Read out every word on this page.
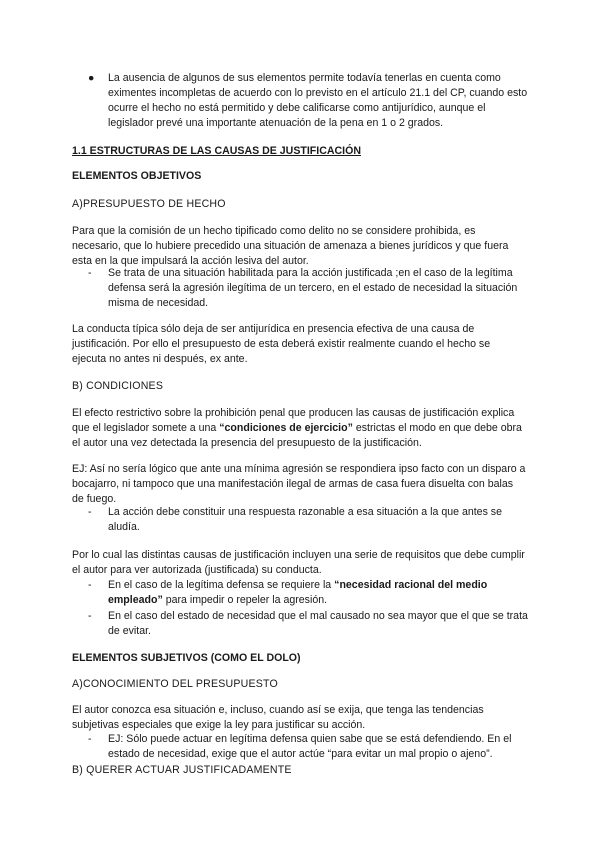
●	La ausencia de algunos de sus elementos permite todavía tenerlas en cuenta como eximentes incompletas de acuerdo con lo previsto en el artículo 21.1 del CP, cuando esto ocurre el hecho no está permitido y debe calificarse como antijurídico, aunque el legislador prevé una importante atenuación de la pena en 1 o 2 grados.
1.1 ESTRUCTURAS DE LAS CAUSAS DE JUSTIFICACIÓN
ELEMENTOS OBJETIVOS
A)PRESUPUESTO DE HECHO
Para que la comisión de un hecho tipificado como delito no se considere prohibida, es necesario, que lo hubiere precedido una situación de amenaza a bienes jurídicos y que fuera esta en la que impulsará la acción lesiva del autor.
-	Se trata de una situación habilitada para la acción justificada ;en el caso de la legítima defensa será la agresión ilegítima de un tercero, en el estado de necesidad la situación misma de necesidad.
La conducta típica sólo deja de ser antijurídica en presencia efectiva de una causa de justificación. Por ello el presupuesto de esta deberá existir realmente cuando el hecho se ejecuta no antes ni después, ex ante.
B) CONDICIONES
El efecto restrictivo sobre la prohibición penal que producen las causas de justificación explica que el legislador somete a una “condiciones de ejercicio” estrictas el modo en que debe obra el autor una vez detectada la presencia del presupuesto de la justificación.
EJ: Así no sería lógico que ante una mínima agresión se respondiera ipso facto con un disparo a bocajarro, ni tampoco que una manifestación ilegal de armas de casa fuera disuelta con balas de fuego.
-	La acción debe constituir una respuesta razonable a esa situación a la que antes se aludía.
Por lo cual las distintas causas de justificación incluyen una serie de requisitos que debe cumplir el autor para ver autorizada (justificada) su conducta.
-	En el caso de la legítima defensa se requiere la “necesidad racional del medio empleado” para impedir o repeler la agresión.
-	En el caso del estado de necesidad que el mal causado no sea mayor que el que se trata de evitar.
ELEMENTOS SUBJETIVOS (COMO EL DOLO)
A)CONOCIMIENTO DEL PRESUPUESTO
El autor conozca esa situación e, incluso, cuando así se exija, que tenga las tendencias subjetivas especiales que exige la ley para justificar su acción.
-	EJ: Sólo puede actuar en legítima defensa quien sabe que se está defendiendo. En el estado de necesidad, exige que el autor actúe “para evitar un mal propio o ajeno”.
B) QUERER ACTUAR JUSTIFICADAMENTE
